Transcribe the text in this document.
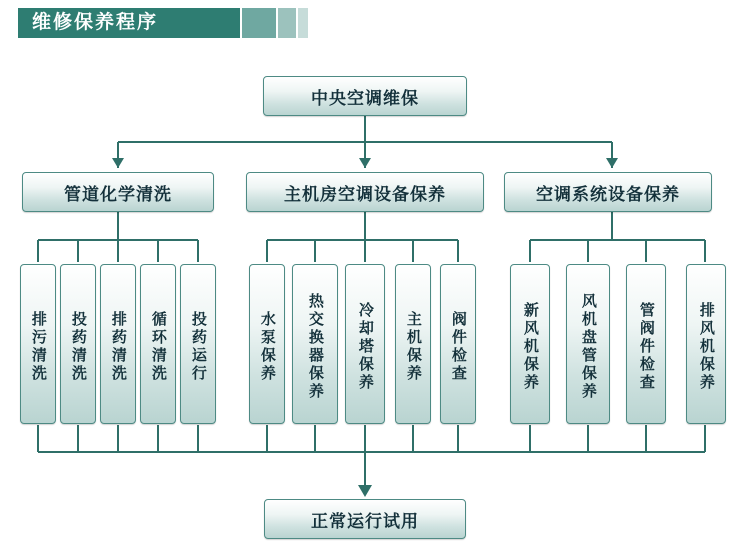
维修保养程序
中央空调维保
管道化学清洗	主机房空调设备保养	空调系统设备保养
排污清洗 投药清洗 排药清洗 循环清洗 投药运行	水泵保养 热交换器保养 冷却塔保养 主机保养 阀件检查	新风机保养	风机盘管保养	管阀件检查	排风机保养
正常运行试用
